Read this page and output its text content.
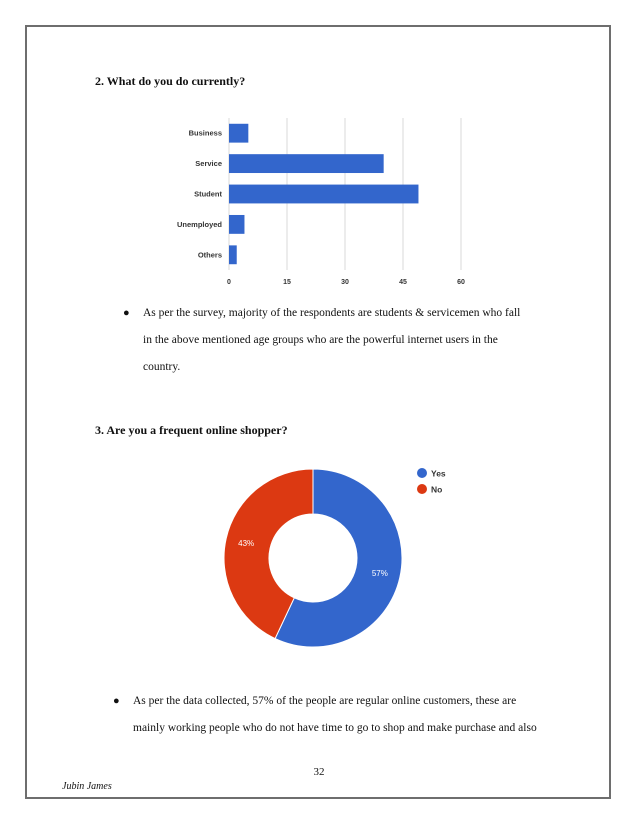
2. What do you do currently?
0	15	30	45	60
Business
Service
Student
Unemployed
Others
● As per the survey, majority of the respondents are students & servicemen who fall
in the above mentioned age groups who are the powerful internet users in the
country.
3. Are you a frequent online shopper?
57%
43%
Yes
No
● As per the data collected, 57% of the people are regular online customers, these are
mainly working people who do not have time to go to shop and make purchase and also
32
Jubin James
